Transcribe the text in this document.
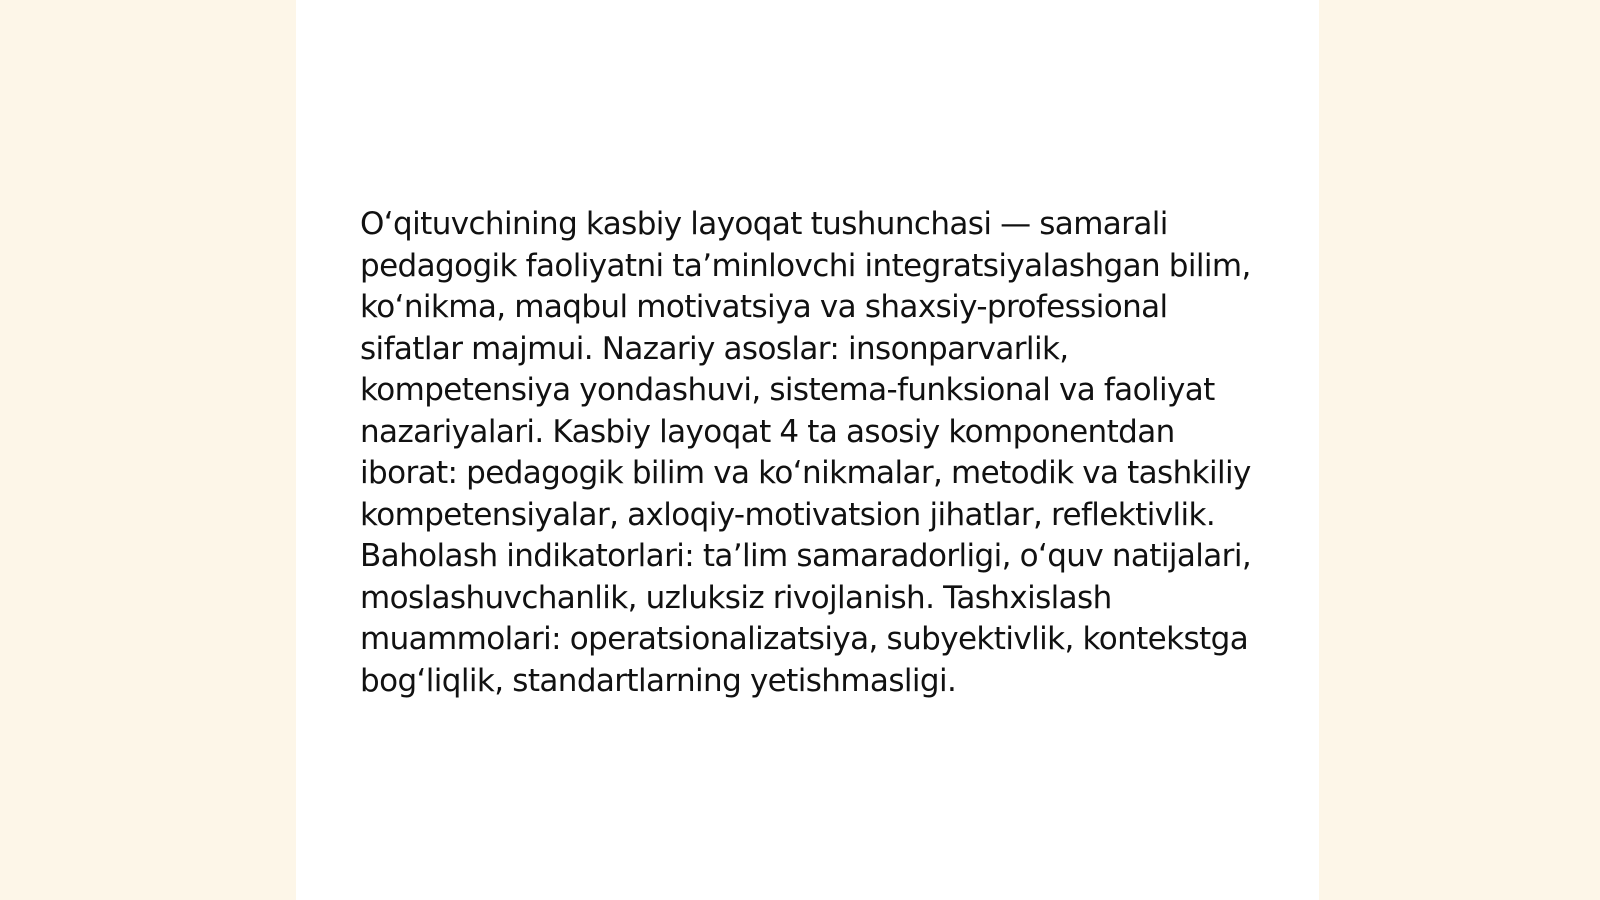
O‘qituvchining kasbiy layoqat tushunchasi — samarali pedagogik faoliyatni ta’minlovchi integratsiyalashgan bilim, ko‘nikma, maqbul motivatsiya va shaxsiy-professional sifatlar majmui. Nazariy asoslar: insonparvarlik, kompetensiya yondashuvi, sistema-funksional va faoliyat nazariyalari. Kasbiy layoqat 4 ta asosiy komponentdan iborat: pedagogik bilim va ko‘nikmalar, metodik va tashkiliy kompetensiyalar, axloqiy-motivatsion jihatlar, reflektivlik. Baholash indikatorlari: ta’lim samaradorligi, o‘quv natijalari, moslashuvchanlik, uzluksiz rivojlanish. Tashxislash muammolari: operatsionalizatsiya, subyektivlik, kontekstga bog‘liqlik, standartlarning yetishmasligi.
